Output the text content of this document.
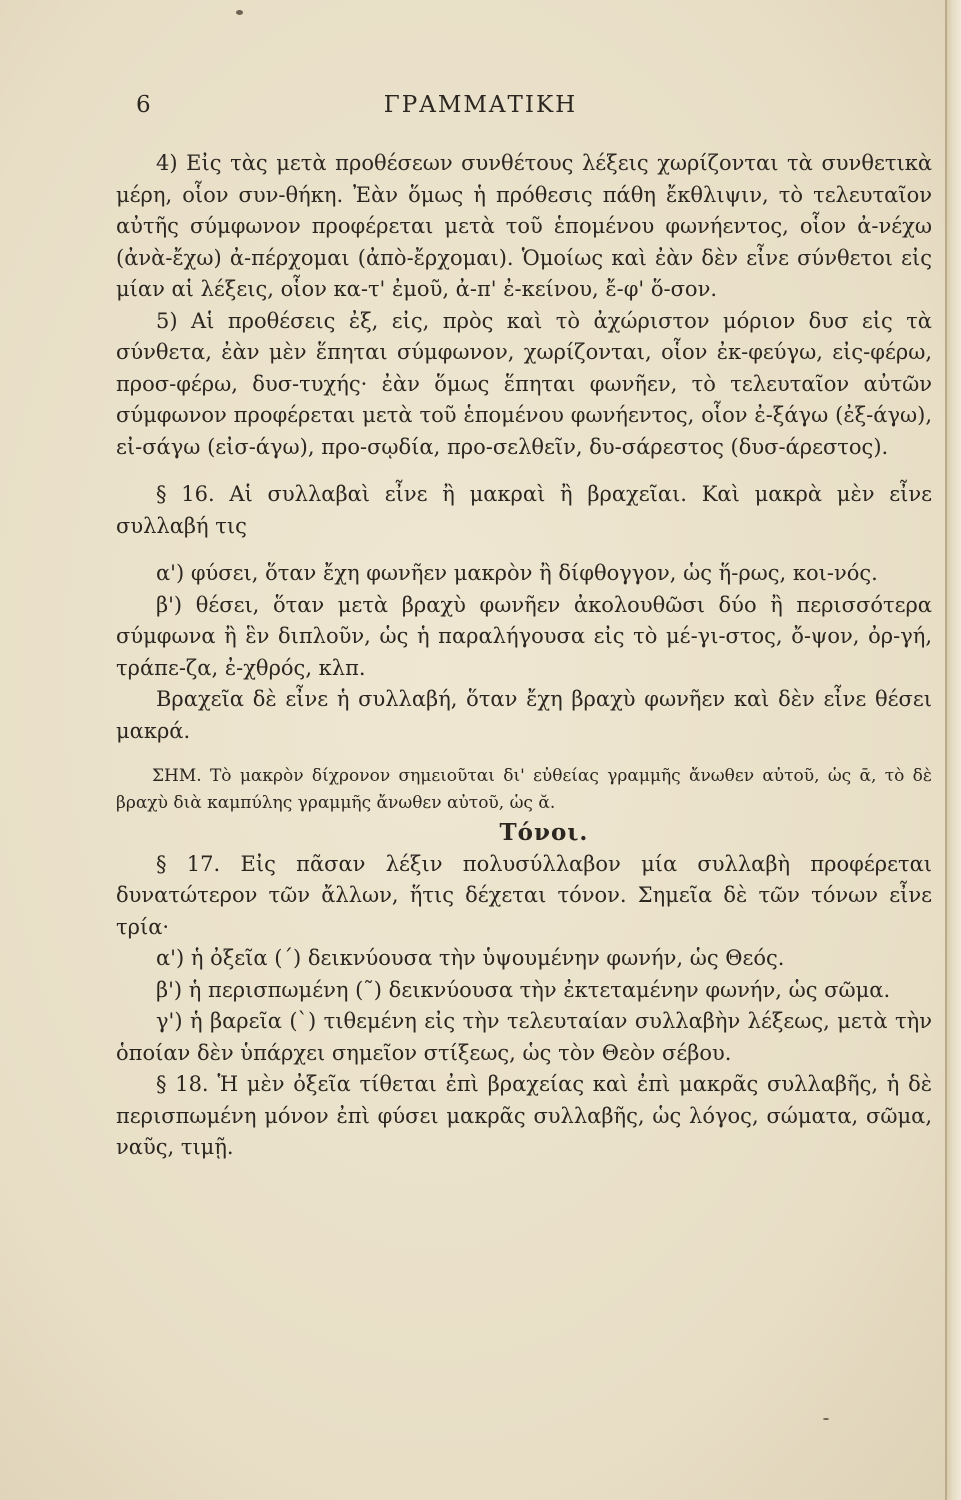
ΓΡΑΜΜΑΤΙΚΗ
6

4) Εἰς τὰς μετὰ προθέσεων συνθέτους λέξεις χωρίζονται τὰ συνθετικὰ μέρη, οἷον συν-θήκη. Ἐὰν ὅμως ἡ πρόθεσις πάθη ἔκθλιψιν, τὸ τελευταῖον αὐτῆς σύμφωνον προφέρεται μετὰ τοῦ ἑπομένου φωνήεντος, οἷον ἀ-νέχω (ἀνὰ-ἔχω) ἀ-πέρχομαι (ἀπὸ-ἔρχομαι). Ὁμοίως καὶ ἐὰν δὲν εἶνε σύνθετοι εἰς μίαν αἱ λέξεις, οἷον κα-τ' ἐμοῦ, ἀ-π' ἐ-κείνου, ἔ-φ' ὅ-σον.

5) Αἱ προθέσεις ἐξ, εἰς, πρὸς καὶ τὸ ἀχώριστον μόριον δυσ εἰς τὰ σύνθετα, ἐὰν μὲν ἕπηται σύμφωνον, χωρίζονται, οἷον ἐκ-φεύγω, εἰς-φέρω, προσ-φέρω, δυσ-τυχής· ἐὰν ὅμως ἕπηται φωνῆεν, τὸ τελευταῖον αὐτῶν σύμφωνον προφέρεται μετὰ τοῦ ἑπομένου φωνήεντος, οἷον ἐ-ξάγω (ἐξ-άγω), εἰ-σάγω (εἰσ-άγω), προ-σῳδία, προ-σελθεῖν, δυ-σάρεστος (δυσ-άρεστος).

§ 16. Αἱ συλλαβαὶ εἶνε ἢ μακραὶ ἢ βραχεῖαι. Καὶ μακρὰ μὲν εἶνε συλλαβή τις

α') φύσει, ὅταν ἔχη φωνῆεν μακρὸν ἢ δίφθογγον, ὡς ἥ-ρως, κοι-νός.

β') θέσει, ὅταν μετὰ βραχὺ φωνῆεν ἀκολουθῶσι δύο ἢ περισσότερα σύμφωνα ἢ ἓν διπλοῦν, ὡς ἡ παραλήγουσα εἰς τὸ μέ-γι-στος, ὄ-ψον, ὀρ-γή, τράπε-ζα, ἐ-χθρός, κλπ.

Βραχεῖα δὲ εἶνε ἡ συλλαβή, ὅταν ἔχη βραχὺ φωνῆεν καὶ δὲν εἶνε θέσει μακρά.

ΣΗΜ. Τὸ μακρὸν δίχρονον σημειοῦται δι' εὐθείας γραμμῆς ἄνωθεν αὐτοῦ, ὡς ᾱ, τὸ δὲ βραχὺ διὰ καμπύλης γραμμῆς ἄνωθεν αὐτοῦ, ὡς ᾰ.

Τόνοι.

§ 17. Εἰς πᾶσαν λέξιν πολυσύλλαβον μία συλλαβὴ προφέρεται δυνατώτερον τῶν ἄλλων, ἥτις δέχεται τόνον. Σημεῖα δὲ τῶν τόνων εἶνε τρία·

α') ἡ ὀξεῖα (´) δεικνύουσα τὴν ὑψουμένην φωνήν, ὡς Θεός.

β') ἡ περισπωμένη (῀) δεικνύουσα τὴν ἐκτεταμένην φωνήν, ὡς σῶμα.

γ') ἡ βαρεῖα (`) τιθεμένη εἰς τὴν τελευταίαν συλλαβὴν λέξεως, μετὰ τὴν ὁποίαν δὲν ὑπάρχει σημεῖον στίξεως, ὡς τὸν Θεὸν σέβου.

§ 18. Ἡ μὲν ὀξεῖα τίθεται ἐπὶ βραχείας καὶ ἐπὶ μακρᾶς συλλαβῆς, ἡ δὲ περισπωμένη μόνον ἐπὶ φύσει μακρᾶς συλλαβῆς, ὡς λόγος, σώματα, σῶμα, ναῦς, τιμῇ.
